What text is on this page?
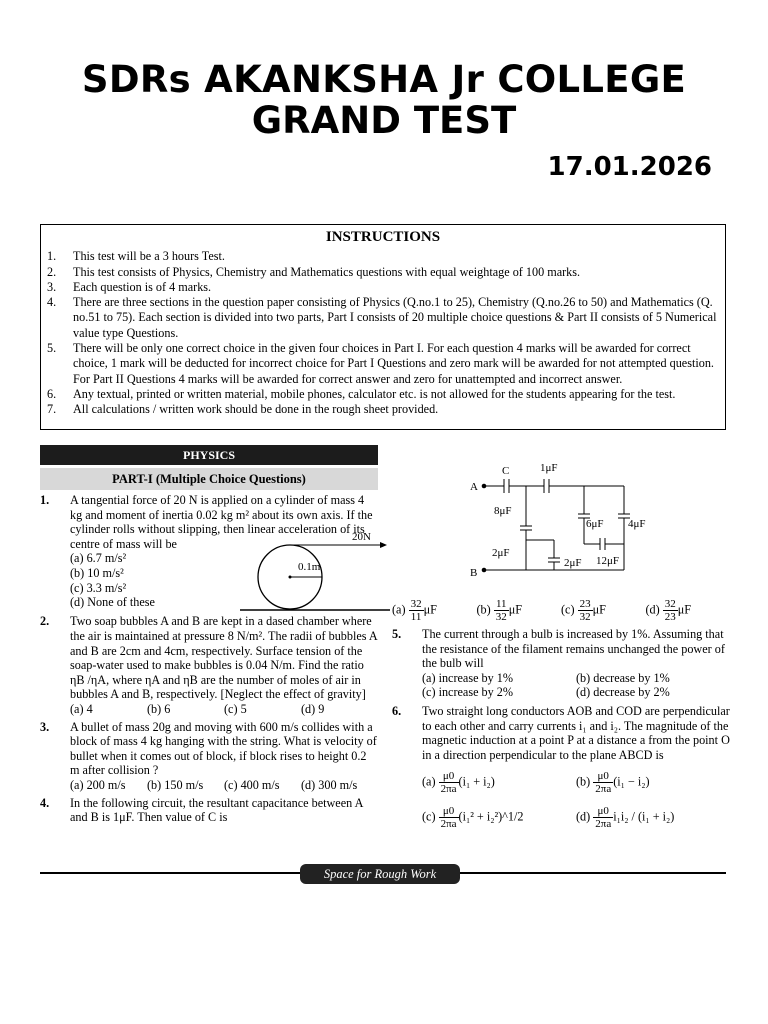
SDRs AKANKSHA Jr COLLEGE
GRAND TEST
17.01.2026
INSTRUCTIONS
1. This test will be a 3 hours Test.
2. This test consists of Physics, Chemistry and Mathematics questions with equal weightage of 100 marks.
3. Each question is of 4 marks.
4. There are three sections in the question paper consisting of Physics (Q.no.1 to 25), Chemistry (Q.no.26 to 50) and Mathematics (Q. no.51 to 75). Each section is divided into two parts, Part I consists of 20 multiple choice questions & Part II consists of 5 Numerical value type Questions.
5. There will be only one correct choice in the given four choices in Part I. For each question 4 marks will be awarded for correct choice, 1 mark will be deducted for incorrect choice for Part I Questions and zero mark will be awarded for not attempted question. For Part II Questions 4 marks will be awarded for correct answer and zero for unattempted and incorrect answer.
6. Any textual, printed or written material, mobile phones, calculator etc. is not allowed for the students appearing for the test.
7. All calculations / written work should be done in the rough sheet provided.
PHYSICS
PART-I (Multiple Choice Questions)
1. A tangential force of 20 N is applied on a cylinder of mass 4 kg and moment of inertia 0.02 kg m² about its own axis. If the cylinder rolls without slipping, then linear acceleration of its centre of mass will be
(a) 6.7 m/s²
(b) 10 m/s²
(c) 3.3 m/s²
(d) None of these
20N
0.1m
2. Two soap bubbles A and B are kept in a dased chamber where the air is maintained at pressure 8 N/m². The radii of bubbles A and B are 2cm and 4cm, respectively. Surface tension of the soap-water used to make bubbles is 0.04 N/m. Find the ratio ηB /ηA, where ηA and ηB are the number of moles of air in bubbles A and B, respectively. [Neglect the effect of gravity]
(a) 4	(b) 6	(c) 5	(d) 9
3. A bullet of mass 20g and moving with 600 m/s collides with a block of mass 4 kg hanging with the string. What is velocity of bullet when it comes out of block, if block rises to height 0.2 m after collision ?
(a) 200 m/s	(b) 150 m/s	(c) 400 m/s	(d) 300 m/s
4. In the following circuit, the resultant capacitance between A and B is 1μF. Then value of C is
A
B
C	1μF
8μF
6μF 4μF
2μF
2μF 12μF
$(a) \frac{32}{11}$ μF	$(b) \frac{11}{32}$ μF	$(c) \frac{23}{32}$ μF	$(d) \frac{32}{23}$ μF
5. The current through a bulb is increased by 1%. Assuming that the resistance of the filament remains unchanged the power of the bulb will
(a) increase by 1%	(b) decrease by 1%
(c) increase by 2%	(d) decrease by 2%
6. Two straight long conductors AOB and COD are perpendicular to each other and carry currents i₁ and i₂. The magnitude of the magnetic induction at a point P at a distance a from the point O in a direction perpendicular to the plane ABCD is
$(a) \frac{\mu 0}{2\pi a} (i_1 + i_2)$	$(b) \frac{\mu 0}{2\pi a} (i_1 - i_2)$
$(c) \frac{\mu 0}{2\pi a} (i_1^2$ + i₂²)^1/2	$(d) \frac{\mu 0}{2\pi a} i_1i_2 / (i_1 + i_2)$
Space for Rough Work
